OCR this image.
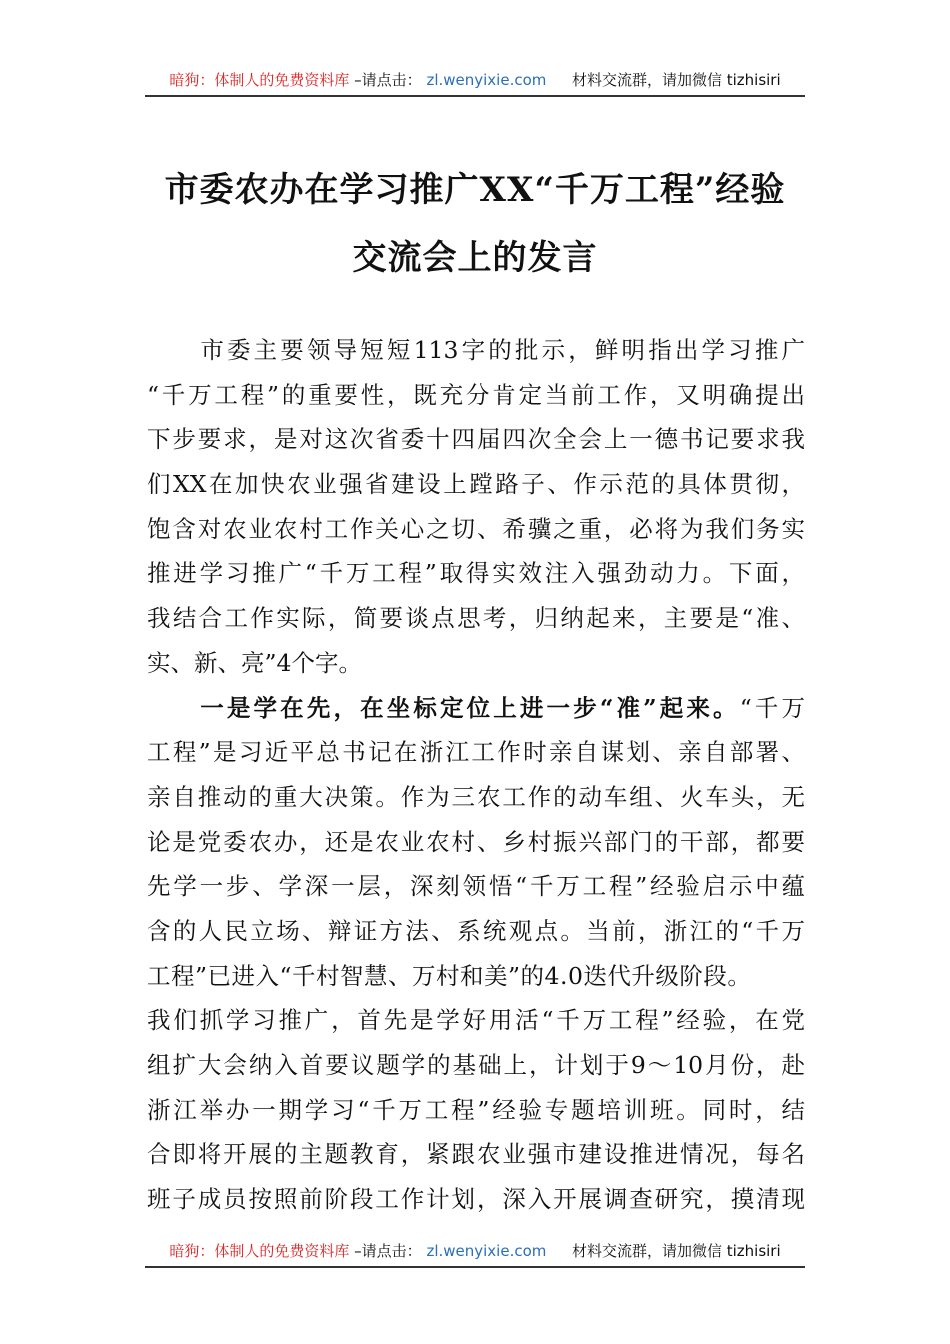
暗狗：体制人的免费资料库 –请点击： zl.wenyixie.com 材料交流群，请加微信 tizhisiri
市委农办在学习推广XX“千万工程”经验
交流会上的发言
　　市委主要领导短短113字的批示，鲜明指出学习推广
“千万工程”的重要性，既充分肯定当前工作，又明确提出
下步要求，是对这次省委十四届四次全会上一德书记要求我
们XX在加快农业强省建设上蹚路子、作示范的具体贯彻，
饱含对农业农村工作关心之切、希骥之重，必将为我们务实
推进学习推广“千万工程”取得实效注入强劲动力。下面，
我结合工作实际，简要谈点思考，归纳起来，主要是“准、
实、新、亮”4个字。
　　一是学在先，在坐标定位上进一步“准”起来。“千万
工程”是习近平总书记在浙江工作时亲自谋划、亲自部署、
亲自推动的重大决策。作为三农工作的动车组、火车头，无
论是党委农办，还是农业农村、乡村振兴部门的干部，都要
先学一步、学深一层，深刻领悟“千万工程”经验启示中蕴
含的人民立场、辩证方法、系统观点。当前，浙江的“千万
工程”已进入“千村智慧、万村和美”的4.0迭代升级阶段。
我们抓学习推广，首先是学好用活“千万工程”经验，在党
组扩大会纳入首要议题学的基础上，计划于9～10月份，赴
浙江举办一期学习“千万工程”经验专题培训班。同时，结
合即将开展的主题教育，紧跟农业强市建设推进情况，每名
班子成员按照前阶段工作计划，深入开展调查研究，摸清现
暗狗：体制人的免费资料库 –请点击： zl.wenyixie.com 材料交流群，请加微信 tizhisiri
